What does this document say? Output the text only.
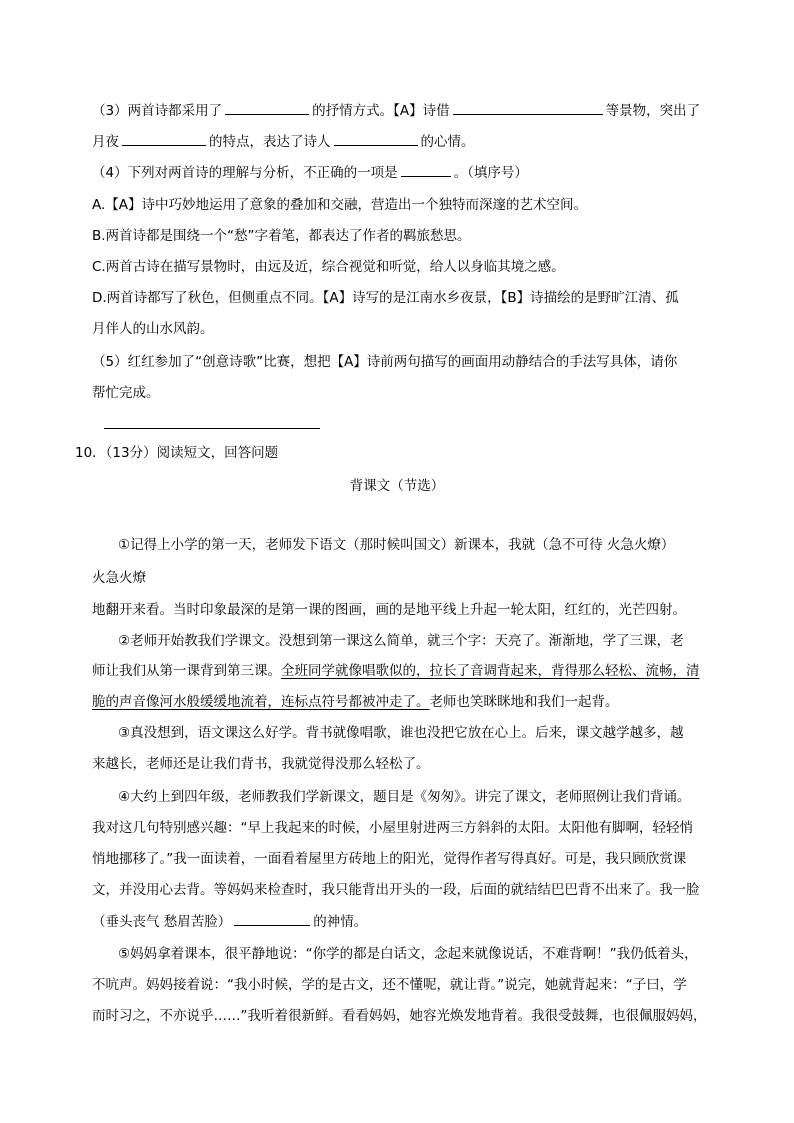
（3）两首诗都采用了	的抒情方式。【A】诗借	等景物，突出了
月夜	的特点，表达了诗人	的心情。
（4）下列对两首诗的理解与分析，不正确的一项是	。（填序号）
A.【A】诗中巧妙地运用了意象的叠加和交融，营造出一个独特而深邃的艺术空间。
B.两首诗都是围绕一个“愁”字着笔，都表达了作者的羁旅愁思。
C.两首古诗在描写景物时，由远及近，综合视觉和听觉，给人以身临其境之感。
D.两首诗都写了秋色，但侧重点不同。【A】诗写的是江南水乡夜景，【B】诗描绘的是野旷江清、孤
月伴人的山水风韵。
（5）红红参加了“创意诗歌”比赛，想把【A】诗前两句描写的画面用动静结合的手法写具体，请你
帮忙完成。
10．（13分）阅读短文，回答问题
背课文（节选）
①记得上小学的第一天，老师发下语文（那时候叫国文）新课本，我就（急不可待 火急火燎）
火急火燎
地翻开来看。当时印象最深的是第一课的图画，画的是地平线上升起一轮太阳，红红的，光芒四射。
②老师开始教我们学课文。没想到第一课这么简单，就三个字：天亮了。渐渐地，学了三课，老
师让我们从第一课背到第三课。全班同学就像唱歌似的，拉长了音调背起来，背得那么轻松、流畅，清
脆的声音像河水般缓缓地流着，连标点符号都被冲走了。老师也笑眯眯地和我们一起背。
③真没想到，语文课这么好学。背书就像唱歌，谁也没把它放在心上。后来，课文越学越多，越
来越长，老师还是让我们背书，我就觉得没那么轻松了。
④大约上到四年级，老师教我们学新课文，题目是《匆匆》。讲完了课文，老师照例让我们背诵。
我对这几句特别感兴趣：“早上我起来的时候，小屋里射进两三方斜斜的太阳。太阳他有脚啊，轻轻悄
悄地挪移了。”我一面读着，一面看着屋里方砖地上的阳光，觉得作者写得真好。可是，我只顾欣赏课
文，并没用心去背。等妈妈来检查时，我只能背出开头的一段，后面的就结结巴巴背不出来了。我一脸
（垂头丧气 愁眉苦脸）	的神情。
⑤妈妈拿着课本，很平静地说：“你学的都是白话文，念起来就像说话，不难背啊！”我仍低着头，
不吭声。妈妈接着说：“我小时候，学的是古文，还不懂呢，就让背。”说完，她就背起来：“子曰，学
而时习之，不亦说乎……”我听着很新鲜。看看妈妈，她容光焕发地背着。我很受鼓舞，也很佩服妈妈，
